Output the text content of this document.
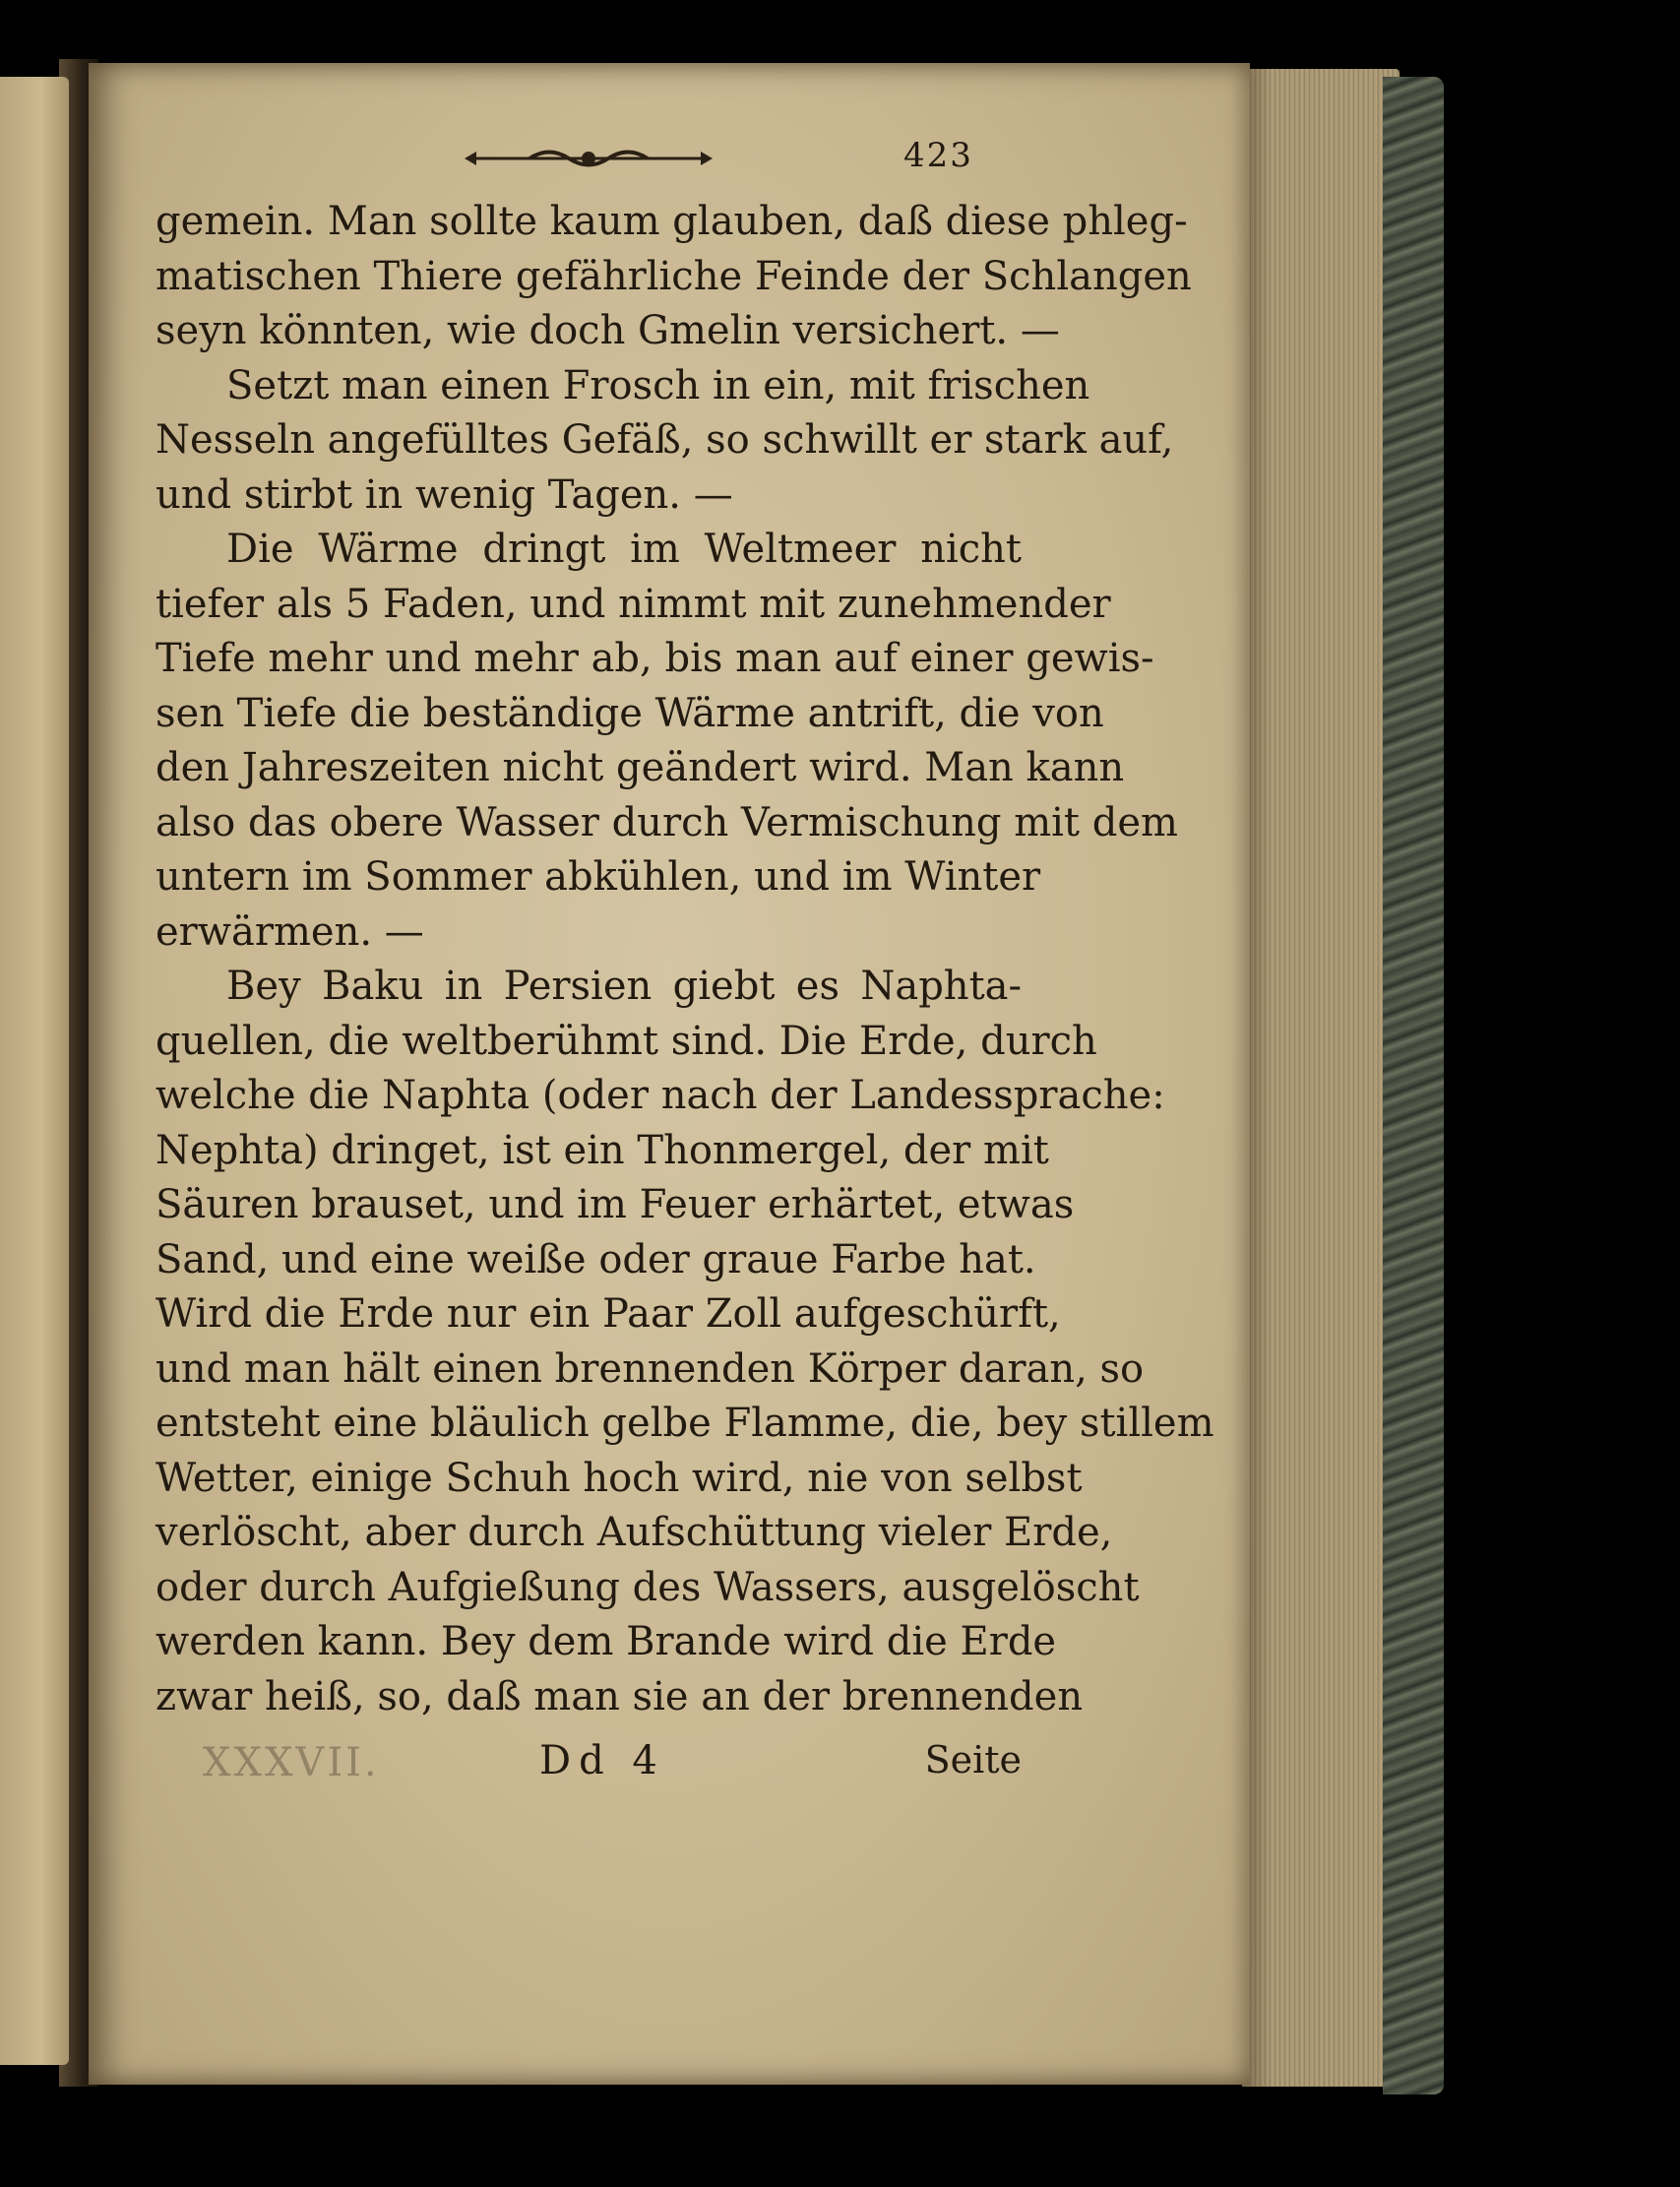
423
gemein. Man sollte kaum glauben, daß diese phleg-
matischen Thiere gefährliche Feinde der Schlangen
seyn könnten, wie doch Gmelin versichert. —
Setzt man einen Frosch in ein, mit frischen
Nesseln angefülltes Gefäß, so schwillt er stark auf,
und stirbt in wenig Tagen. —
Die Wärme dringt im Weltmeer nicht
tiefer als 5 Faden, und nimmt mit zunehmender
Tiefe mehr und mehr ab, bis man auf einer gewis-
sen Tiefe die beständige Wärme antrift, die von
den Jahreszeiten nicht geändert wird. Man kann
also das obere Wasser durch Vermischung mit dem
untern im Sommer abkühlen, und im Winter
erwärmen. —
Bey Baku in Persien giebt es Naphta-
quellen, die weltberühmt sind. Die Erde, durch
welche die Naphta (oder nach der Landessprache:
Nephta) dringet, ist ein Thonmergel, der mit
Säuren brauset, und im Feuer erhärtet, etwas
Sand, und eine weiße oder graue Farbe hat.
Wird die Erde nur ein Paar Zoll aufgeschürft,
und man hält einen brennenden Körper daran, so
entsteht eine bläulich gelbe Flamme, die, bey stillem
Wetter, einige Schuh hoch wird, nie von selbst
verlöscht, aber durch Aufschüttung vieler Erde,
oder durch Aufgießung des Wassers, ausgelöscht
werden kann. Bey dem Brande wird die Erde
zwar heiß, so, daß man sie an der brennenden
XXXVII.	Dd 4	Seite
